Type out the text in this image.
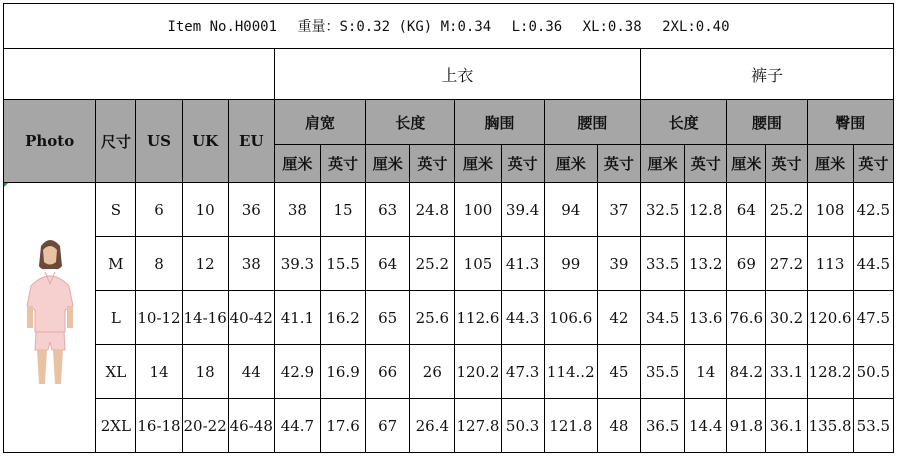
Item No.H0001 重量：S:0.32 (KG) M:0.34 L:0.36 XL:0.38 2XL:0.40																		
					上衣								裤子					
Photo	尺寸	US	UK	EU	肩宽		长度		胸围		腰围		长度		腰围		臀围	
					厘米	英寸	厘米	英寸	厘米	英寸	厘米	英寸	厘米	英寸	厘米	英寸	厘米	英寸

	S	6	10	36	38	15	63	24.8	100	39.4	94	37	32.5	12.8	64	25.2	108	42.5
	M	8	12	38	39.3	15.5	64	25.2	105	41.3	99	39	33.5	13.2	69	27.2	113	44.5
	L	10-12	14-16	40-42	41.1	16.2	65	25.6	112.6	44.3	106.6	42	34.5	13.6	76.6	30.2	120.6	47.5
	XL	14	18	44	42.9	16.9	66	26	120.2	47.3	114..2	45	35.5	14	84.2	33.1	128.2	50.5
	2XL	16-18	20-22	46-48	44.7	17.6	67	26.4	127.8	50.3	121.8	48	36.5	14.4	91.8	36.1	135.8	53.5
